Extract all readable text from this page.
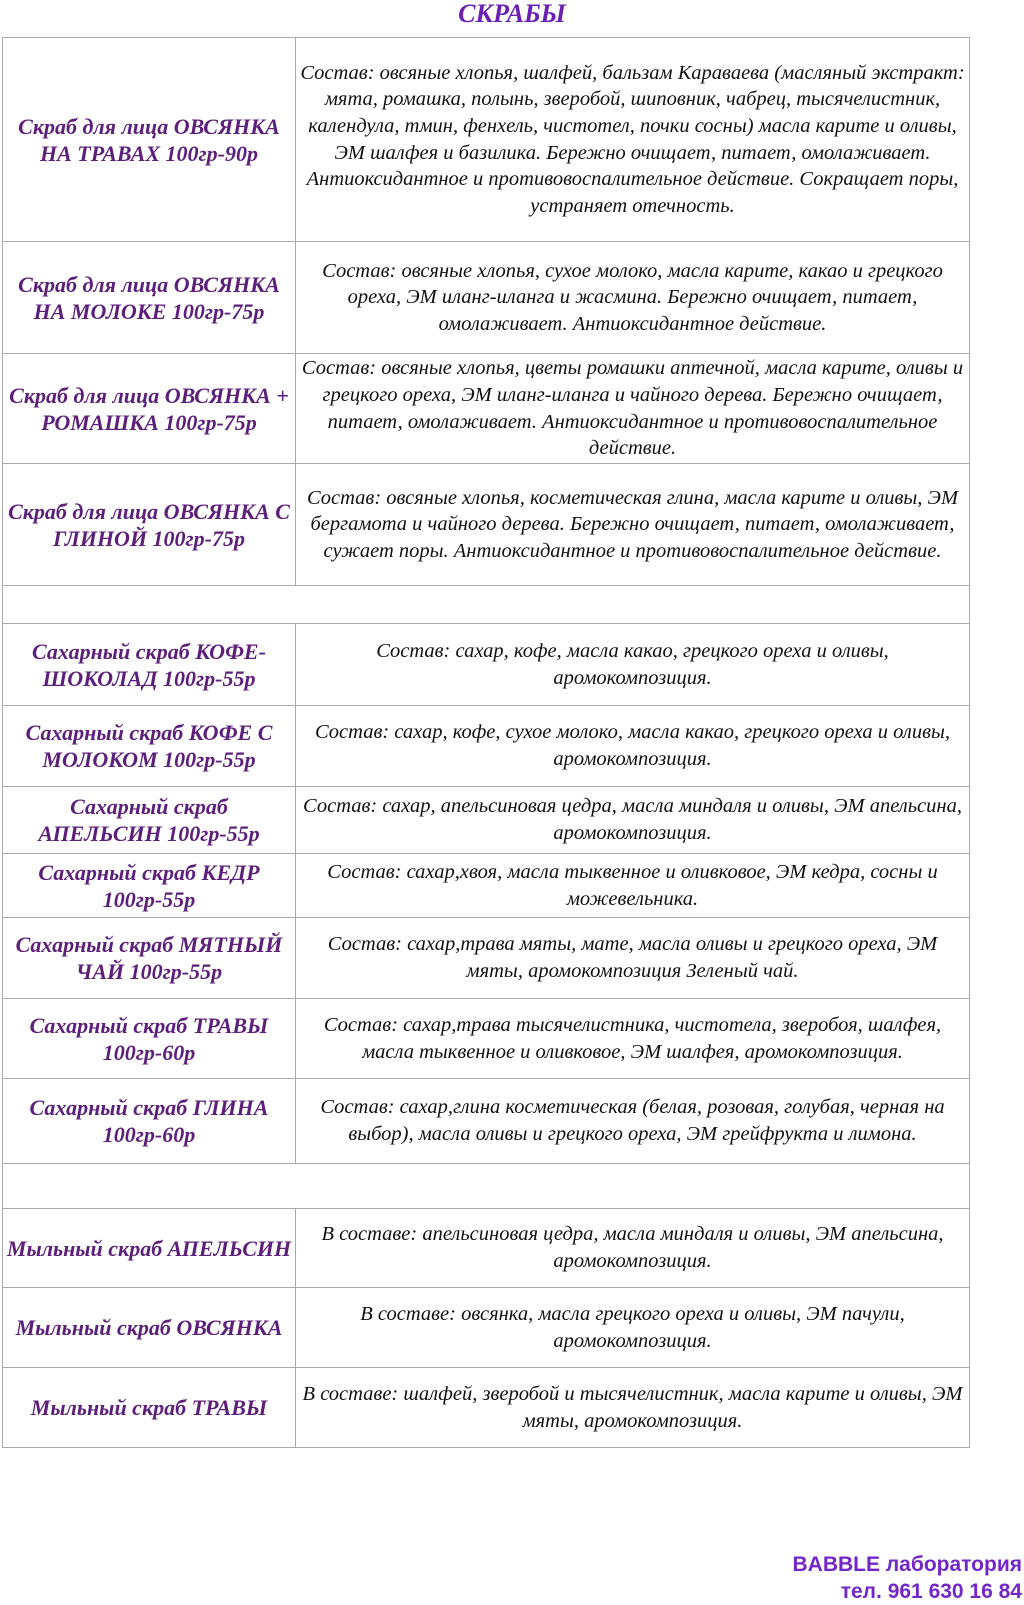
СКРАБЫ
Скраб для лица ОВСЯНКА НА ТРАВАХ 100гр-90р	Состав: овсяные хлопья, шалфей, бальзам Караваева (масляный экстракт: мята, ромашка, полынь, зверобой, шиповник, чабрец, тысячелистник, календула, тмин, фенхель, чистотел, почки сосны) масла карите и оливы, ЭМ шалфея и базилика. Бережно очищает, питает, омолаживает. Антиоксидантное и противовоспалительное действие. Сокращает поры, устраняет отечность.
Скраб для лица ОВСЯНКА НА МОЛОКЕ 100гр-75р	Состав: овсяные хлопья, сухое молоко, масла карите, какао и грецкого ореха, ЭМ иланг-иланга и жасмина. Бережно очищает, питает, омолаживает. Антиоксидантное действие.
Скраб для лица ОВСЯНКА + РОМАШКА 100гр-75р	Состав: овсяные хлопья, цветы ромашки аптечной, масла карите, оливы и грецкого ореха, ЭМ иланг-иланга и чайного дерева. Бережно очищает, питает, омолаживает. Антиоксидантное и противовоспалительное действие.
Скраб для лица ОВСЯНКА С ГЛИНОЙ 100гр-75р	Состав: овсяные хлопья, косметическая глина, масла карите и оливы, ЭМ бергамота и чайного дерева. Бережно очищает, питает, омолаживает, сужает поры. Антиоксидантное и противовоспалительное действие.

Сахарный скраб КОФЕ-ШОКОЛАД 100гр-55р	Состав: сахар, кофе, масла какао, грецкого ореха и оливы, аромокомпозиция.
Сахарный скраб КОФЕ С МОЛОКОМ 100гр-55р	Состав: сахар, кофе, сухое молоко, масла какао, грецкого ореха и оливы, аромокомпозиция.
Сахарный скраб АПЕЛЬСИН 100гр-55р	Состав: сахар, апельсиновая цедра, масла миндаля и оливы, ЭМ апельсина, аромокомпозиция.
Сахарный скраб КЕДР 100гр-55р	Состав: сахар,хвоя, масла тыквенное и оливковое, ЭМ кедра, сосны и можевельника.
Сахарный скраб МЯТНЫЙ ЧАЙ 100гр-55р	Состав: сахар,трава мяты, мате, масла оливы и грецкого ореха, ЭМ мяты, аромокомпозиция Зеленый чай.
Сахарный скраб ТРАВЫ 100гр-60р	Состав: сахар,трава тысячелистника, чистотела, зверобоя, шалфея, масла тыквенное и оливковое, ЭМ шалфея, аромокомпозиция.
Сахарный скраб ГЛИНА 100гр-60р	Состав: сахар,глина косметическая (белая, розовая, голубая, черная на выбор), масла оливы и грецкого ореха, ЭМ грейфрукта и лимона.

Мыльный скраб АПЕЛЬСИН	В составе: апельсиновая цедра, масла миндаля и оливы, ЭМ апельсина, аромокомпозиция.
Мыльный скраб ОВСЯНКА	В составе: овсянка, масла грецкого ореха и оливы, ЭМ пачули, аромокомпозиция.
Мыльный скраб ТРАВЫ	В составе: шалфей, зверобой и тысячелистник, масла карите и оливы, ЭМ мяты, аромокомпозиция.
BABBLE лаборатория
тел. 961 630 16 84
